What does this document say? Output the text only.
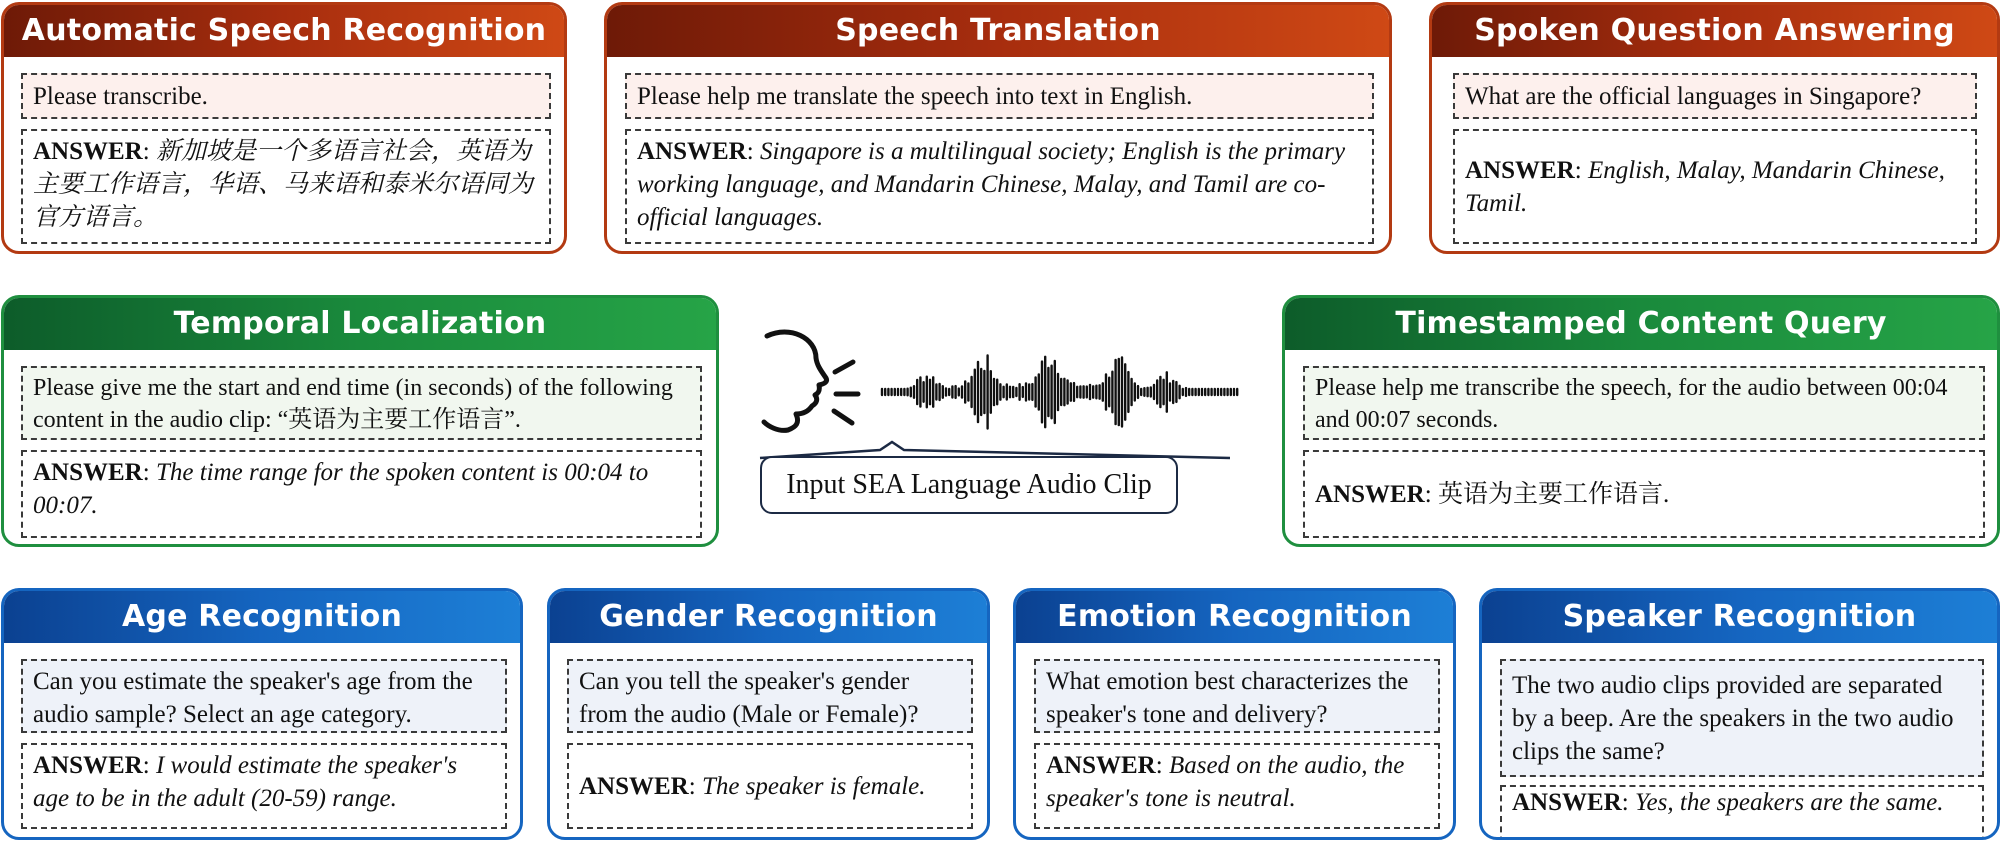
Automatic Speech Recognition
Please transcribe.
ANSWER: 新加坡是一个多语言社会，英语为主要工作语言，华语、马来语和泰米尔语同为官方语言。
Speech Translation
Please help me translate the speech into text in English.
ANSWER: Singapore is a multilingual society; English is the primary working language, and Mandarin Chinese, Malay, and Tamil are co-official languages.
Spoken Question Answering
What are the official languages in Singapore?
ANSWER: English, Malay, Mandarin Chinese, Tamil.
Temporal Localization
Please give me the start and end time (in seconds) of the following content in the audio clip: “英语为主要工作语言”.
ANSWER: The time range for the spoken content is 00:04 to 00:07.
Input SEA Language Audio Clip
Timestamped Content Query
Please help me transcribe the speech, for the audio between 00:04 and 00:07 seconds.
ANSWER: 英语为主要工作语言.
Age Recognition
Can you estimate the speaker's age from the audio sample? Select an age category.
ANSWER: I would estimate the speaker's age to be in the adult (20-59) range.
Gender Recognition
Can you tell the speaker's gender from the audio (Male or Female)?
ANSWER: The speaker is female.
Emotion Recognition
What emotion best characterizes the speaker's tone and delivery?
ANSWER: Based on the audio, the speaker's tone is neutral.
Speaker Recognition
The two audio clips provided are separated by a beep. Are the speakers in the two audio clips the same?
ANSWER: Yes, the speakers are the same.
